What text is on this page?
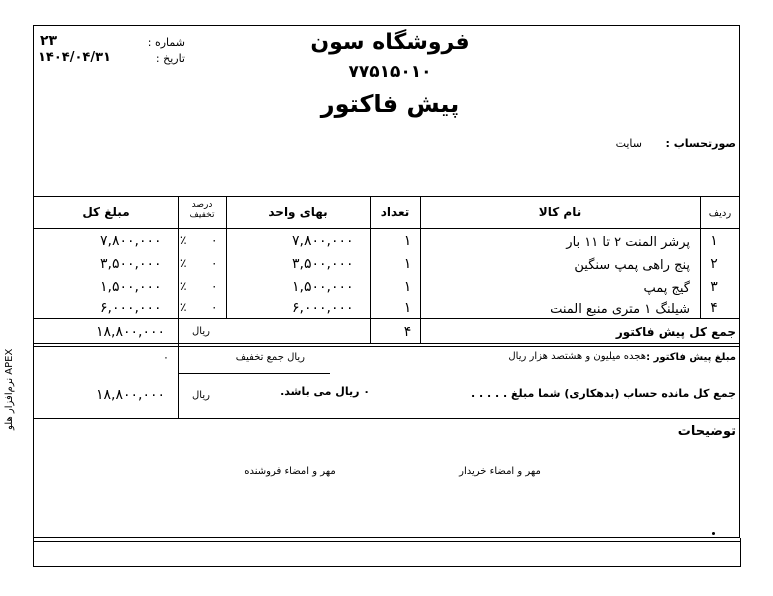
فروشگاه سون
۷۷۵۱۵۰۱۰
پیش فاکتور
شماره :
۲۳
تاریخ :
۱۴۰۴/۰۴/۳۱
صورتحساب :
سایت
ردیف
نام کالا
تعداد
بهای واحد
درصد تخفیف
مبلغ کل
۱
پرشر المنت ۲ تا ۱۱ بار
۱
۷,۸۰۰,۰۰۰
۰
٪
۷,۸۰۰,۰۰۰
۲
پنج راهی پمپ سنگین
۱
۳,۵۰۰,۰۰۰
۰
٪
۳,۵۰۰,۰۰۰
۳
گیج پمپ
۱
۱,۵۰۰,۰۰۰
۰
٪
۱,۵۰۰,۰۰۰
۴
شیلنگ ۱ متری منبع المنت
۱
۶,۰۰۰,۰۰۰
۰
٪
۶,۰۰۰,۰۰۰
جمع کل پیش فاکتور
۴
ریال
۱۸,۸۰۰,۰۰۰
مبلغ پیش فاکتور :
هجده میلیون و هشتصد هزار ریال
ریال جمع تخفیف
۰
جمع کل مانده حساب (بدهکاری) شما مبلغ . . . . .
۰ ریال می باشد.
ریال
۱۸,۸۰۰,۰۰۰
توضیحات
مهر و امضاء خریدار
مهر و امضاء فروشنده
نرم‌افزار هلو APEX
